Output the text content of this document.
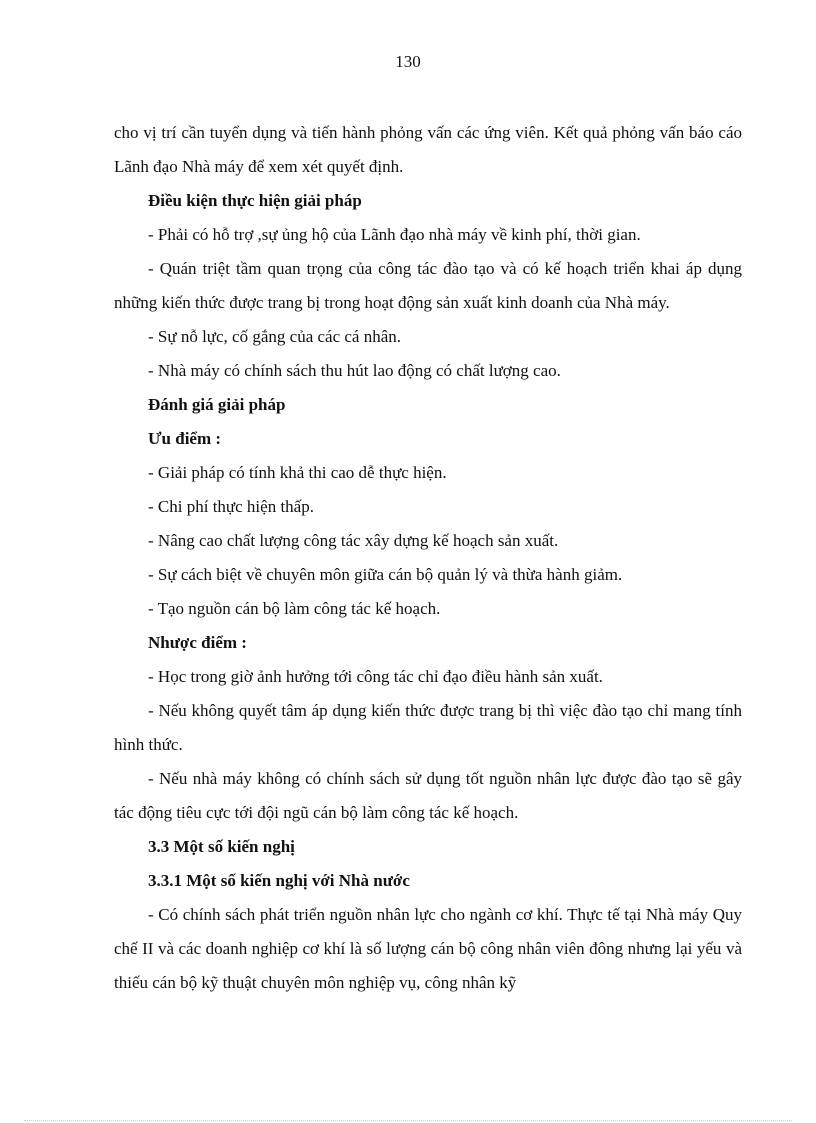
130

cho vị trí cần tuyển dụng và tiến hành phỏng vấn các ứng viên. Kết quả phỏng vấn báo cáo Lãnh đạo Nhà máy để xem xét quyết định.

Điều kiện thực hiện giải pháp

- Phải có hỗ trợ ,sự ủng hộ của Lãnh đạo nhà máy về kinh phí, thời gian.

- Quán triệt tầm quan trọng của công tác đào tạo và có kế hoạch triển khai áp dụng những kiến thức được trang bị trong hoạt động sản xuất kinh doanh của Nhà máy.

- Sự nỗ lực, cố gắng của các cá nhân.

- Nhà máy có chính sách thu hút lao động có chất lượng cao.

Đánh giá giải pháp

Ưu điểm :

- Giải pháp có tính khả thi cao dễ thực hiện.

- Chi phí thực hiện thấp.

- Nâng cao chất lượng công tác xây dựng kế hoạch sản xuất.

- Sự cách biệt về chuyên môn giữa cán bộ quản lý và thừa hành giảm.

- Tạo nguồn cán bộ làm công tác kế hoạch.

Nhược điểm :

- Học trong giờ ảnh hưởng tới công tác chỉ đạo điều hành sản xuất.

- Nếu không quyết tâm áp dụng kiến thức được trang bị thì việc đào tạo chỉ mang tính hình thức.

- Nếu nhà máy không có chính sách sử dụng tốt nguồn nhân lực được đào tạo sẽ gây tác động tiêu cực tới đội ngũ cán bộ làm công tác kế hoạch.

3.3 Một số kiến nghị

3.3.1 Một số kiến nghị với Nhà nước

- Có chính sách phát triển nguồn nhân lực cho ngành cơ khí. Thực tế tại Nhà máy Quy chế II và các doanh nghiệp cơ khí là số lượng cán bộ công nhân viên đông nhưng lại yếu và thiếu cán bộ kỹ thuật chuyên môn nghiệp vụ, công nhân kỹ
